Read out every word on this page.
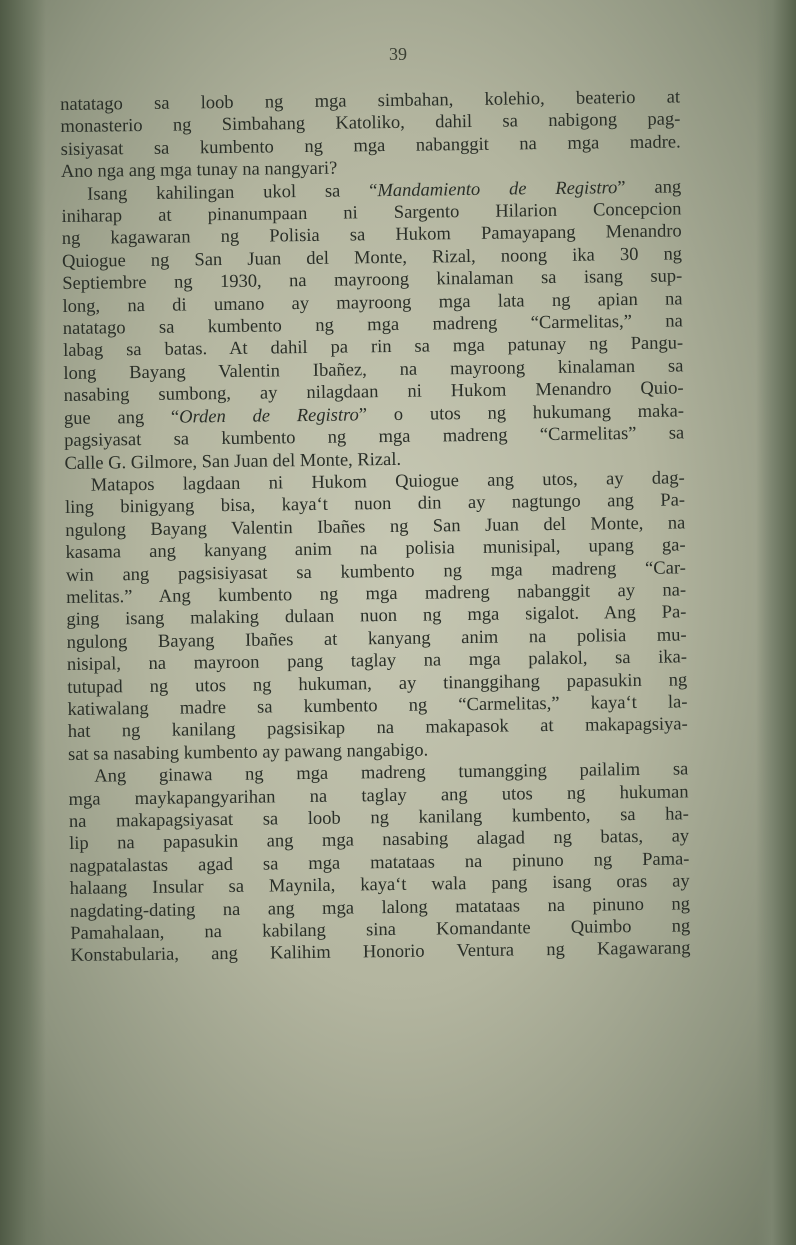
39
natatago sa loob ng mga simbahan, kolehio, beaterio at
monasterio ng Simbahang Katoliko, dahil sa nabigong pag-
sisiyasat sa kumbento ng mga nabanggit na mga madre.
Ano nga ang mga tunay na nangyari?
Isang kahilingan ukol sa “Mandamiento de Registro” ang
iniharap at pinanumpaan ni Sargento Hilarion Concepcion
ng kagawaran ng Polisia sa Hukom Pamayapang Menandro
Quiogue ng San Juan del Monte, Rizal, noong ika 30 ng
Septiembre ng 1930, na mayroong kinalaman sa isang sup-
long, na di umano ay mayroong mga lata ng apian na
natatago sa kumbento ng mga madreng “Carmelitas,” na
labag sa batas. At dahil pa rin sa mga patunay ng Pangu-
long Bayang Valentin Ibañez, na mayroong kinalaman sa
nasabing sumbong, ay nilagdaan ni Hukom Menandro Quio-
gue ang “Orden de Registro” o utos ng hukumang maka-
pagsiyasat sa kumbento ng mga madreng “Carmelitas” sa
Calle G. Gilmore, San Juan del Monte, Rizal.
Matapos lagdaan ni Hukom Quiogue ang utos, ay dag-
ling binigyang bisa, kaya‘t nuon din ay nagtungo ang Pa-
ngulong Bayang Valentin Ibañes ng San Juan del Monte, na
kasama ang kanyang anim na polisia munisipal, upang ga-
win ang pagsisiyasat sa kumbento ng mga madreng “Car-
melitas.” Ang kumbento ng mga madreng nabanggit ay na-
ging isang malaking dulaan nuon ng mga sigalot. Ang Pa-
ngulong Bayang Ibañes at kanyang anim na polisia mu-
nisipal, na mayroon pang taglay na mga palakol, sa ika-
tutupad ng utos ng hukuman, ay tinanggihang papasukin ng
katiwalang madre sa kumbento ng “Carmelitas,” kaya‘t la-
hat ng kanilang pagsisikap na makapasok at makapagsiya-
sat sa nasabing kumbento ay pawang nangabigo.
Ang ginawa ng mga madreng tumangging pailalim sa
mga maykapangyarihan na taglay ang utos ng hukuman
na makapagsiyasat sa loob ng kanilang kumbento, sa ha-
lip na papasukin ang mga nasabing alagad ng batas, ay
nagpatalastas agad sa mga matataas na pinuno ng Pama-
halaang Insular sa Maynila, kaya‘t wala pang isang oras ay
nagdating-dating na ang mga lalong matataas na pinuno ng
Pamahalaan, na kabilang sina Komandante Quimbo ng
Konstabularia, ang Kalihim Honorio Ventura ng Kagawarang
